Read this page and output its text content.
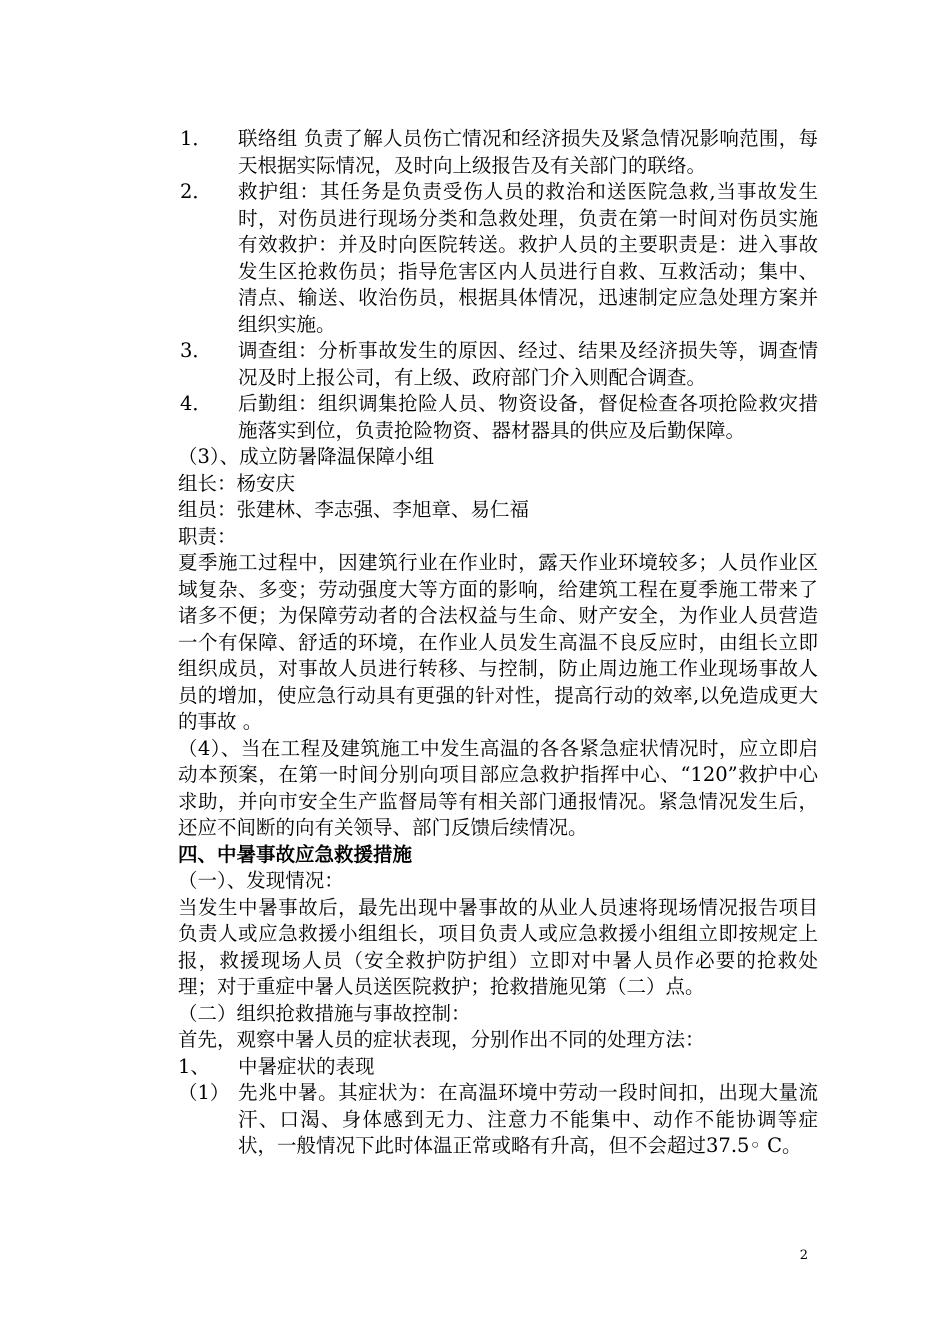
1．	联络组 负责了解人员伤亡情况和经济损失及紧急情况影响范围，每天根据实际情况，及时向上级报告及有关部门的联络。
2．	救护组：其任务是负责受伤人员的救治和送医院急救,当事故发生时，对伤员进行现场分类和急救处理，负责在第一时间对伤员实施有效救护：并及时向医院转送。救护人员的主要职责是：进入事故发生区抢救伤员；指导危害区内人员进行自救、互救活动；集中、清点、输送、收治伤员，根据具体情况，迅速制定应急处理方案并组织实施。
3．	调查组：分析事故发生的原因、经过、结果及经济损失等，调查情况及时上报公司，有上级、政府部门介入则配合调查。
4．	后勤组：组织调集抢险人员、物资设备，督促检查各项抢险救灾措施落实到位，负责抢险物资、器材器具的供应及后勤保障。
（3）、成立防暑降温保障小组
组长：杨安庆
组员：张建林、李志强、李旭章、易仁福
职责：
夏季施工过程中，因建筑行业在作业时，露天作业环境较多；人员作业区域复杂、多变；劳动强度大等方面的影响，给建筑工程在夏季施工带来了诸多不便；为保障劳动者的合法权益与生命、财产安全，为作业人员营造一个有保障、舒适的环境，在作业人员发生高温不良反应时，由组长立即组织成员，对事故人员进行转移、与控制，防止周边施工作业现场事故人员的增加，使应急行动具有更强的针对性，提高行动的效率,以免造成更大的事故 。
（4）、当在工程及建筑施工中发生高温的各各紧急症状情况时，应立即启动本预案，在第一时间分别向项目部应急救护指挥中心、“120”救护中心求助，并向市安全生产监督局等有相关部门通报情况。紧急情况发生后，还应不间断的向有关领导、部门反馈后续情况。
四、中暑事故应急救援措施
（一）、发现情况：
当发生中暑事故后，最先出现中暑事故的从业人员速将现场情况报告项目负责人或应急救援小组组长，项目负责人或应急救援小组组立即按规定上报，救援现场人员（安全救护防护组）立即对中暑人员作必要的抢救处理；对于重症中暑人员送医院救护；抢救措施见第（二）点。
（二）组织抢救措施与事故控制：
首先，观察中暑人员的症状表现，分别作出不同的处理方法：
1、	中暑症状的表现
（1） 先兆中暑。其症状为：在高温环境中劳动一段时间扣，出现大量流汗、口渴、身体感到无力、注意力不能集中、动作不能协调等症状，一般情况下此时体温正常或略有升高，但不会超过37.5◦ C。
2
